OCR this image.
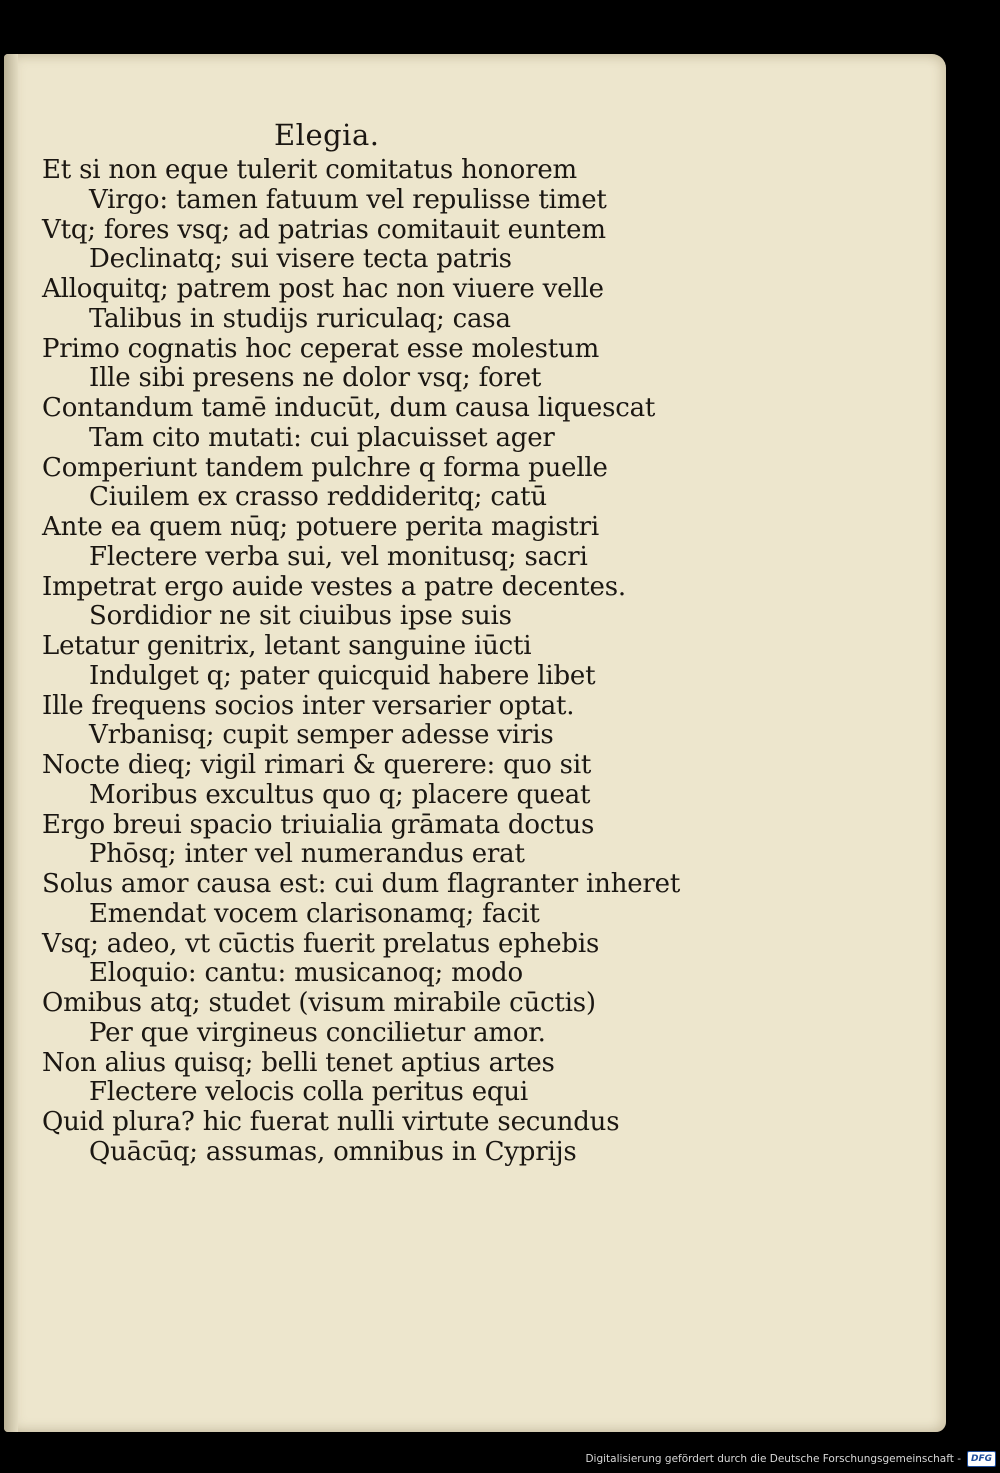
Elegia.
Et si non eque tulerit comitatus honorem
Virgo: tamen fatuum vel repulisse timet
Vtq; fores vsq; ad patrias comitauit euntem
Declinatq; sui visere tecta patris
Alloquitq; patrem post hac non viuere velle
Talibus in studijs ruriculaq; casa
Primo cognatis hoc ceperat esse molestum
Ille sibi presens ne dolor vsq; foret
Contandum tamē inducūt, dum causa liquescat
Tam cito mutati: cui placuisset ager
Comperiunt tandem pulchre q forma puelle
Ciuilem ex crasso reddideritq; catū
Ante ea quem nūq; potuere perita magistri
Flectere verba sui, vel monitusq; sacri
Impetrat ergo auide vestes a patre decentes.
Sordidior ne sit ciuibus ipse suis
Letatur genitrix, letant sanguine iūcti
Indulget q; pater quicquid habere libet
Ille frequens socios inter versarier optat.
Vrbanisq; cupit semper adesse viris
Nocte dieq; vigil rimari & querere: quo sit
Moribus excultus quo q; placere queat
Ergo breui spacio triuialia grāmata doctus
Phōsq; inter vel numerandus erat
Solus amor causa est: cui dum flagranter inheret
Emendat vocem clarisonamq; facit
Vsq; adeo, vt cūctis fuerit prelatus ephebis
Eloquio: cantu: musicanoq; modo
Omibus atq; studet (visum mirabile cūctis)
Per que virgineus concilietur amor.
Non alius quisq; belli tenet aptius artes
Flectere velocis colla peritus equi
Quid plura? hic fuerat nulli virtute secundus
Quācūq; assumas, omnibus in Cyprijs
Digitalisierung gefördert durch die Deutsche Forschungsgemeinschaft -	DFG
